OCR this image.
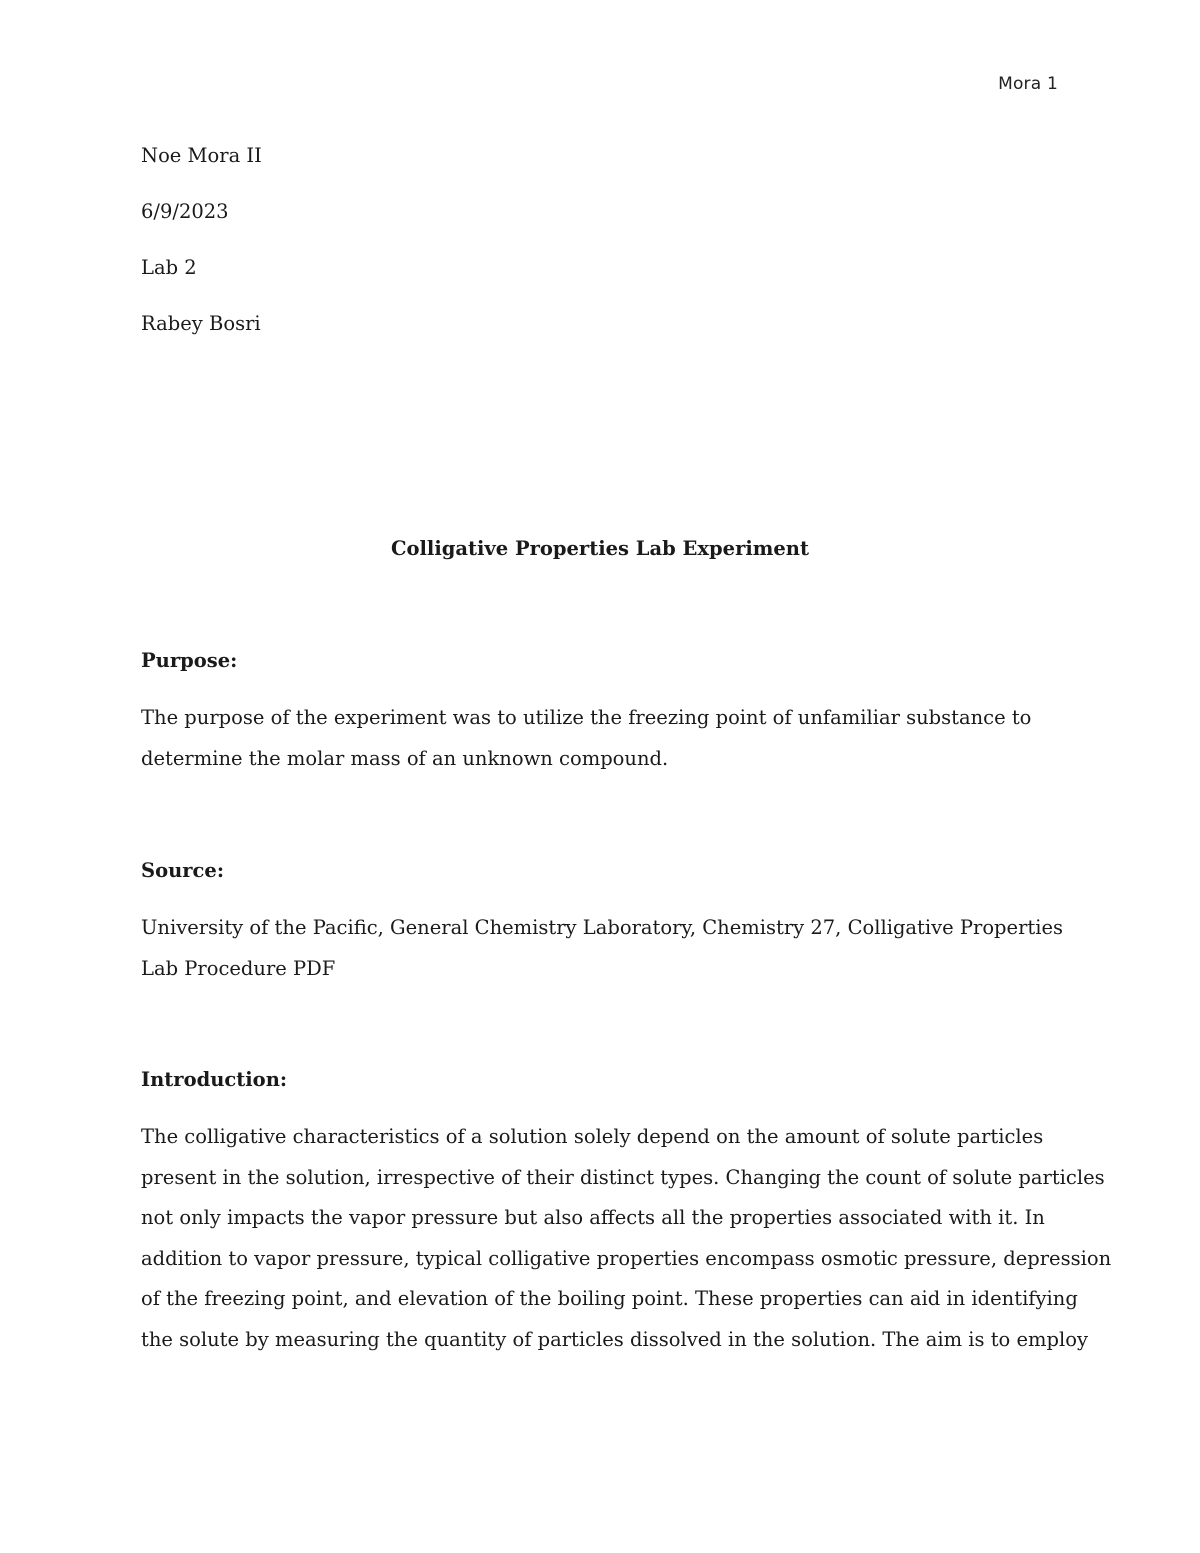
Mora 1
Noe Mora II
6/9/2023
Lab 2
Rabey Bosri
Colligative Properties Lab Experiment
Purpose:
The purpose of the experiment was to utilize the freezing point of unfamiliar substance to
determine the molar mass of an unknown compound.
Source:
University of the Pacific, General Chemistry Laboratory, Chemistry 27, Colligative Properties
Lab Procedure PDF
Introduction:
The colligative characteristics of a solution solely depend on the amount of solute particles
present in the solution, irrespective of their distinct types. Changing the count of solute particles
not only impacts the vapor pressure but also affects all the properties associated with it. In
addition to vapor pressure, typical colligative properties encompass osmotic pressure, depression
of the freezing point, and elevation of the boiling point. These properties can aid in identifying
the solute by measuring the quantity of particles dissolved in the solution. The aim is to employ
